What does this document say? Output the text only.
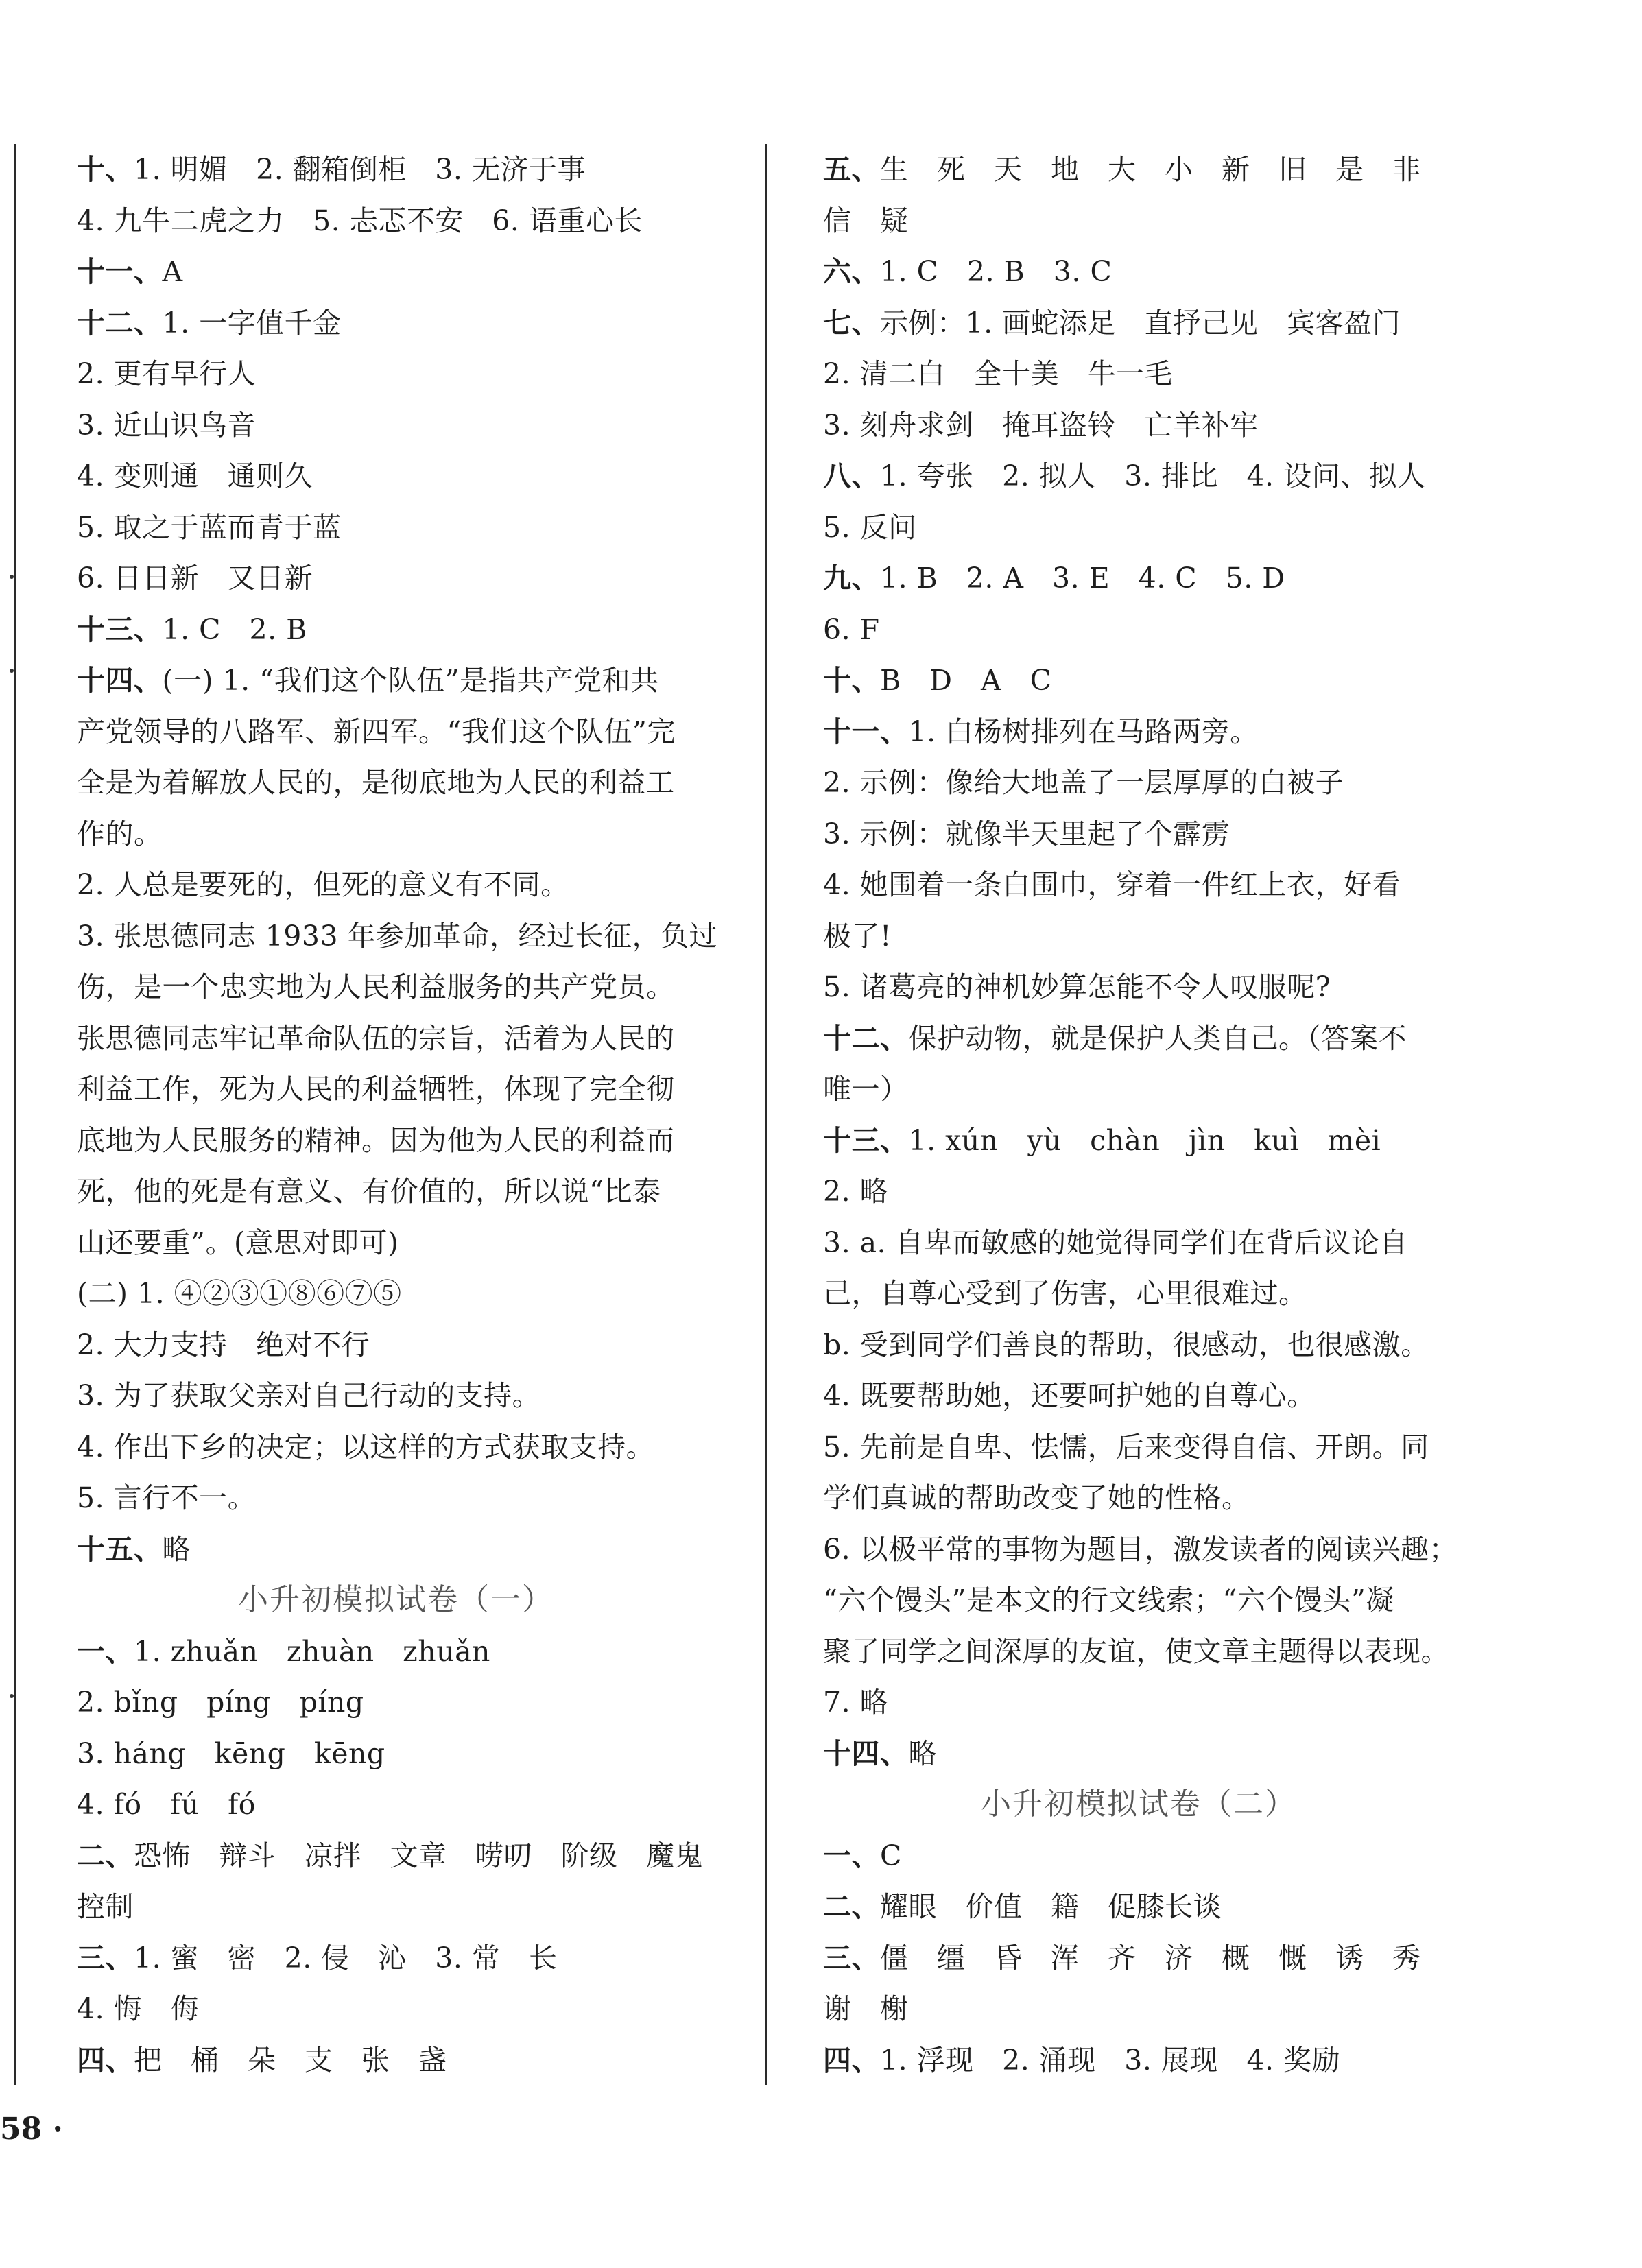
十、1. 明媚　2. 翻箱倒柜　3. 无济于事
4. 九牛二虎之力　5. 忐忑不安　6. 语重心长
十一、A
十二、1. 一字值千金
2. 更有早行人
3. 近山识鸟音
4. 变则通　通则久
5. 取之于蓝而青于蓝
6. 日日新　又日新
十三、1. C　2. B
十四、(一) 1. “我们这个队伍”是指共产党和共
产党领导的八路军、新四军。“我们这个队伍”完
全是为着解放人民的，是彻底地为人民的利益工
作的。
2. 人总是要死的，但死的意义有不同。
3. 张思德同志 1933 年参加革命，经过长征，负过
伤，是一个忠实地为人民利益服务的共产党员。
张思德同志牢记革命队伍的宗旨，活着为人民的
利益工作，死为人民的利益牺牲，体现了完全彻
底地为人民服务的精神。因为他为人民的利益而
死，他的死是有意义、有价值的，所以说“比泰
山还要重”。(意思对即可)
(二) 1. ④②③①⑧⑥⑦⑤
2. 大力支持　绝对不行
3. 为了获取父亲对自己行动的支持。
4. 作出下乡的决定；以这样的方式获取支持。
5. 言行不一。
十五、略
小升初模拟试卷（一）
一、1. zhuǎn　zhuàn　zhuǎn
2. bǐng　píng　píng
3. háng　kēng　kēng
4. fó　fú　fó
二、恐怖　辩斗　凉拌　文章　唠叨　阶级　魔鬼
控制
三、1. 蜜　密　2. 侵　沁　3. 常　长
4. 悔　侮
四、把　桶　朵　支　张　盏
五、生　死　天　地　大　小　新　旧　是　非
信　疑
六、1. C　2. B　3. C
七、示例：1. 画蛇添足　直抒己见　宾客盈门
2. 清二白　全十美　牛一毛
3. 刻舟求剑　掩耳盗铃　亡羊补牢
八、1. 夸张　2. 拟人　3. 排比　4. 设问、拟人
5. 反问
九、1. B　2. A　3. E　4. C　5. D
6. F
十、B　D　A　C
十一、1. 白杨树排列在马路两旁。
2. 示例：像给大地盖了一层厚厚的白被子
3. 示例：就像半天里起了个霹雳
4. 她围着一条白围巾，穿着一件红上衣，好看
极了!
5. 诸葛亮的神机妙算怎能不令人叹服呢?
十二、保护动物，就是保护人类自己。（答案不
唯一）
十三、1. xún　yù　chàn　jìn　kuì　mèi
2. 略
3. a. 自卑而敏感的她觉得同学们在背后议论自
己，自尊心受到了伤害，心里很难过。
b. 受到同学们善良的帮助，很感动，也很感激。
4. 既要帮助她，还要呵护她的自尊心。
5. 先前是自卑、怯懦，后来变得自信、开朗。同
学们真诚的帮助改变了她的性格。
6. 以极平常的事物为题目，激发读者的阅读兴趣；
“六个馒头”是本文的行文线索；“六个馒头”凝
聚了同学之间深厚的友谊，使文章主题得以表现。
7. 略
十四、略
小升初模拟试卷（二）
一、C
二、耀眼　价值　籍　促膝长谈
三、僵　缰　昏　浑　齐　济　概　慨　诱　秀
谢　榭
四、1. 浮现　2. 涌现　3. 展现　4. 奖励
58 ·
